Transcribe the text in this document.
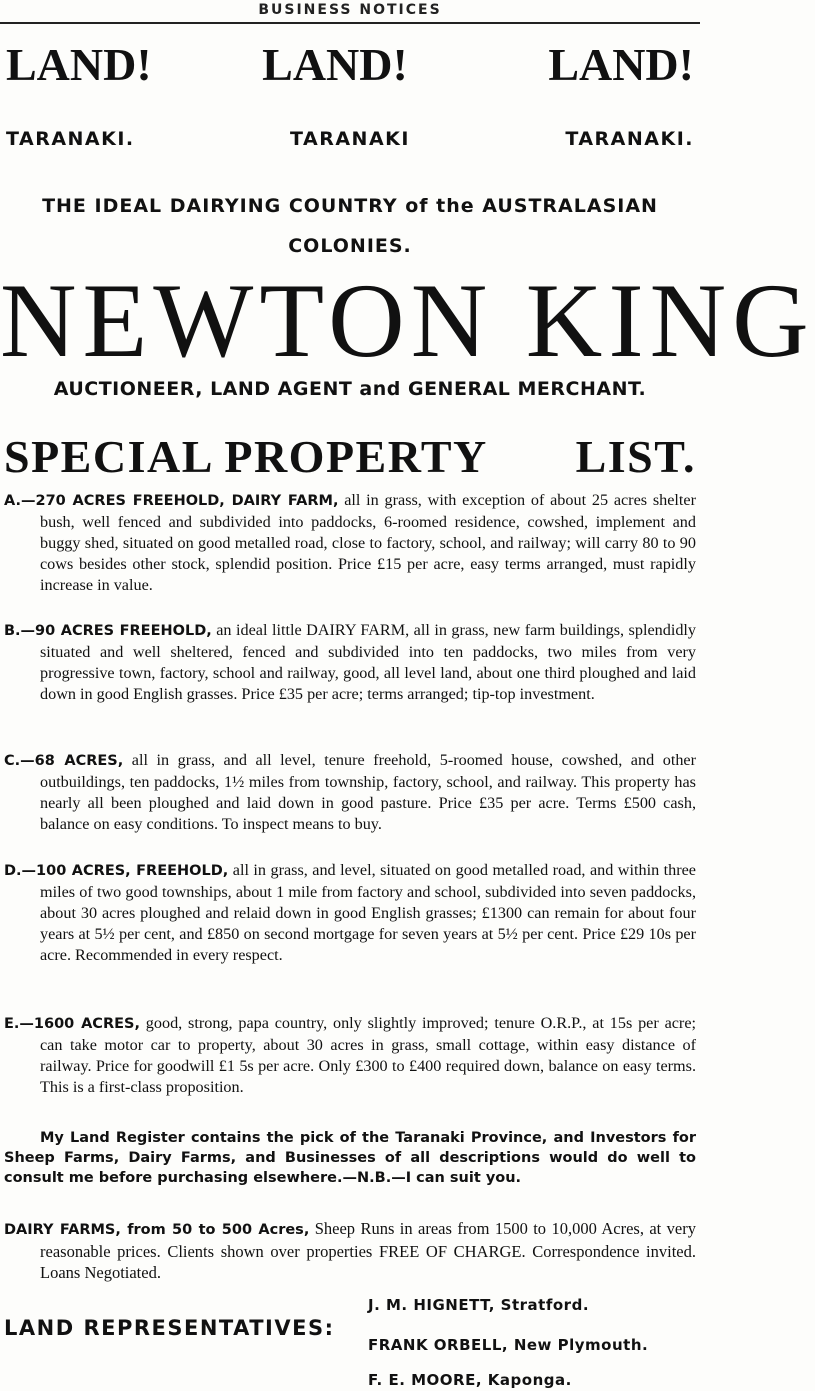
BUSINESS NOTICES
LAND! LAND!	LAND!
TARANAKI.	TARANAKI	TARANAKI.
THE IDEAL DAIRYING COUNTRY of the AUSTRALASIAN COLONIES.
NEWTON KING
AUCTIONEER, LAND AGENT and GENERAL MERCHANT.
SPECIAL PROPERTY LIST.
A.—270 ACRES FREEHOLD, DAIRY FARM, all in grass, with exception of about 25 acres shelter bush, well fenced and subdivided into paddocks, 6-roomed residence, cowshed, implement and buggy shed, situated on good metalled road, close to factory, school, and railway; will carry 80 to 90 cows besides other stock, splendid position. Price £15 per acre, easy terms arranged, must rapidly increase in value.
B.—90 ACRES FREEHOLD, an ideal little DAIRY FARM, all in grass, new farm buildings, splendidly situated and well sheltered, fenced and subdivided into ten paddocks, two miles from very progressive town, factory, school and railway, good, all level land, about one third ploughed and laid down in good English grasses. Price £35 per acre; terms arranged; tip-top investment.
C.—68 ACRES, all in grass, and all level, tenure freehold, 5-roomed house, cowshed, and other outbuildings, ten paddocks, 1½ miles from township, factory, school, and railway. This property has nearly all been ploughed and laid down in good pasture. Price £35 per acre. Terms £500 cash, balance on easy conditions. To inspect means to buy.
D.—100 ACRES, FREEHOLD, all in grass, and level, situated on good metalled road, and within three miles of two good townships, about 1 mile from factory and school, subdivided into seven paddocks, about 30 acres ploughed and relaid down in good English grasses; £1300 can remain for about four years at 5½ per cent, and £850 on second mortgage for seven years at 5½ per cent. Price £29 10s per acre. Recommended in every respect.
E.—1600 ACRES, good, strong, papa country, only slightly improved; tenure O.R.P., at 15s per acre; can take motor car to property, about 30 acres in grass, small cottage, within easy distance of railway. Price for goodwill £1 5s per acre. Only £300 to £400 required down, balance on easy terms. This is a first-class proposition.
My Land Register contains the pick of the Taranaki Province, and Investors for Sheep Farms, Dairy Farms, and Businesses of all descriptions would do well to consult me before purchasing elsewhere.—N.B.—I can suit you.
DAIRY FARMS, from 50 to 500 Acres, Sheep Runs in areas from 1500 to 10,000 Acres, at very reasonable prices. Clients shown over properties FREE OF CHARGE. Correspondence invited. Loans Negotiated.
LAND REPRESENTATIVES:
J. M. HIGNETT, Stratford.
FRANK ORBELL, New Plymouth.
F. E. MOORE, Kaponga.
